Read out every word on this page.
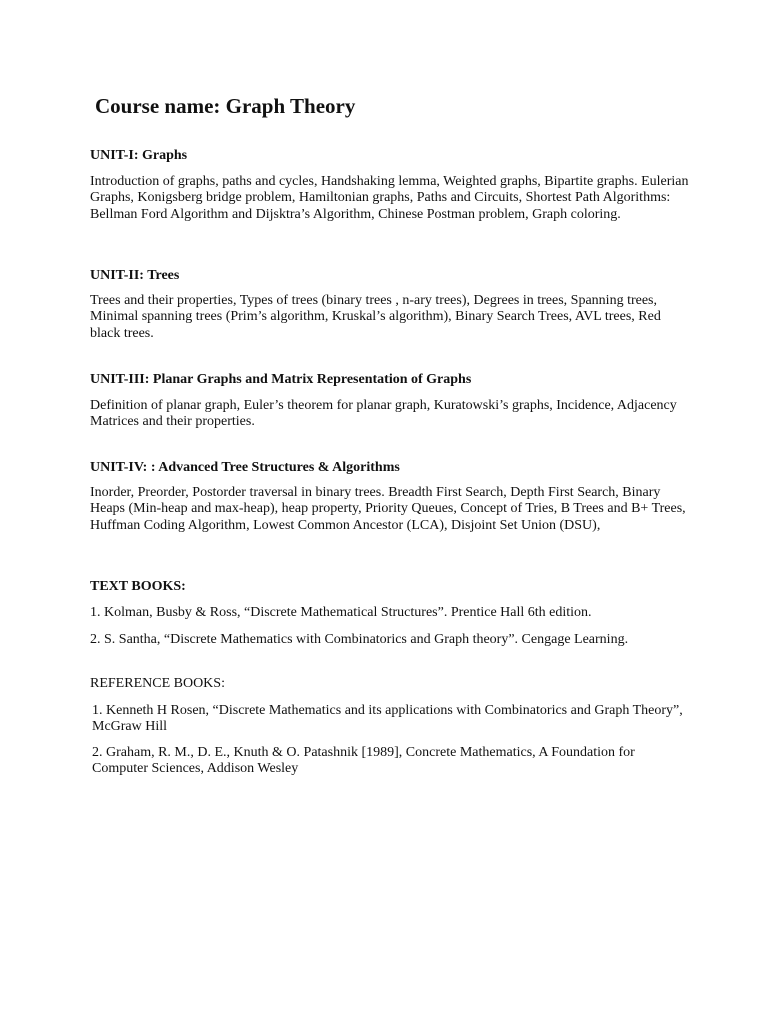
Course name: Graph Theory
UNIT-I: Graphs

Introduction of graphs, paths and cycles, Handshaking lemma, Weighted graphs, Bipartite graphs. Eulerian Graphs, Konigsberg bridge problem, Hamiltonian graphs, Paths and Circuits, Shortest Path Algorithms: Bellman Ford Algorithm and Dijsktra’s Algorithm, Chinese Postman problem, Graph coloring.

UNIT-II: Trees

Trees and their properties, Types of trees (binary trees , n-ary trees), Degrees in trees, Spanning trees, Minimal spanning trees (Prim’s algorithm, Kruskal’s algorithm), Binary Search Trees, AVL trees, Red black trees.

UNIT-III: Planar Graphs and Matrix Representation of Graphs

Definition of planar graph, Euler’s theorem for planar graph, Kuratowski’s graphs, Incidence, Adjacency Matrices and their properties.

UNIT-IV: : Advanced Tree Structures & Algorithms

Inorder, Preorder, Postorder traversal in binary trees. Breadth First Search, Depth First Search, Binary Heaps (Min-heap and max-heap), heap property, Priority Queues, Concept of Tries, B Trees and B+ Trees, Huffman Coding Algorithm, Lowest Common Ancestor (LCA), Disjoint Set Union (DSU),

TEXT BOOKS:

1. Kolman, Busby & Ross, “Discrete Mathematical Structures”. Prentice Hall 6th edition.

2. S. Santha, “Discrete Mathematics with Combinatorics and Graph theory”. Cengage Learning.

REFERENCE BOOKS:

1. Kenneth H Rosen, “Discrete Mathematics and its applications with Combinatorics and Graph Theory”, McGraw Hill

2. Graham, R. M., D. E., Knuth & O. Patashnik [1989], Concrete Mathematics, A Foundation for Computer Sciences, Addison Wesley
